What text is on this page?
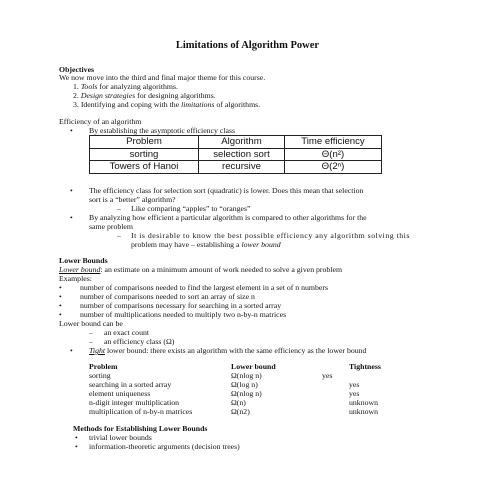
Limitations of Algorithm Power
Objectives
We now move into the third and final major theme for this course.
1. Tools for analyzing algorithms.
2. Design strategies for designing algorithms.
3. Identifying and coping with the limitations of algorithms.
Efficiency of an algorithm
• By establishing the asymptotic efficiency class
Problem	Algorithm	Time efficiency
sorting	selection sort	Θ(n²)
Towers of Hanoi	recursive	Θ(2ⁿ)
• The efficiency class for selection sort (quadratic) is lower. Does this mean that selection
sort is a “better” algorithm?
– Like comparing “apples” to “oranges”
• By analyzing how efficient a particular algorithm is compared to other algorithms for the
same problem
– It is desirable to know the best possible efficiency any algorithm solving this
problem may have – establishing a lower bound
Lower Bounds
Lower bound: an estimate on a minimum amount of work needed to solve a given problem
Examples:
• number of comparisons needed to find the largest element in a set of n numbers
• number of comparisons needed to sort an array of size n
• number of comparisons necessary for searching in a sorted array
• number of multiplications needed to multiply two n-by-n matrices
Lower bound can be
– an exact count
– an efficiency class (Ω)
• Tight lower bound: there exists an algorithm with the same efficiency as the lower bound
Problem	Lower bound	Tightness
sorting	Ω(nlog n)	yes
searching in a sorted array	Ω(log n)	yes
element uniqueness	Ω(nlog n)	yes
n-digit integer multiplication	Ω(n)	unknown
multiplication of n-by-n matrices	Ω(n2)	unknown
Methods for Establishing Lower Bounds
• trivial lower bounds
• information-theoretic arguments (decision trees)
